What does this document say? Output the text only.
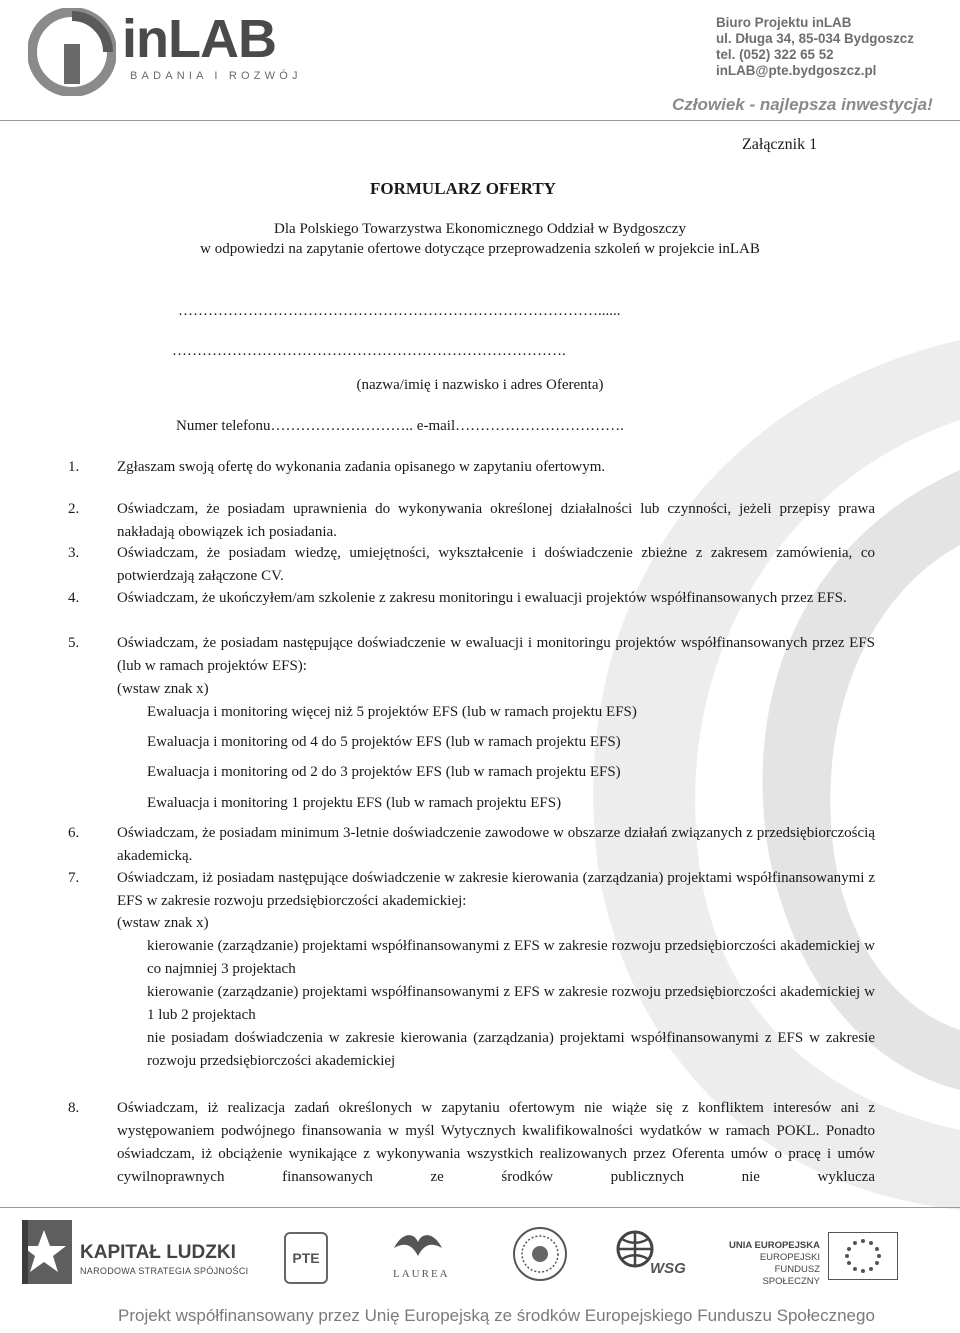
inLAB
BADANIA I ROZWÓJ
Biuro Projektu inLAB
ul. Długa 34, 85-034 Bydgoszcz
tel. (052) 322 65 52
inLAB@pte.bydgoszcz.pl
Człowiek - najlepsza inwestycja!
Załącznik 1
FORMULARZ OFERTY
Dla Polskiego Towarzystwa Ekonomicznego Oddział w Bydgoszczy
w odpowiedzi na zapytanie ofertowe dotyczące przeprowadzenia szkoleń w projekcie inLAB
…………………………………………………………………………......
…………………………………………………………………….
(nazwa/imię i nazwisko i adres Oferenta)
Numer telefonu……………………….. e-mail…………………………….
1.	Zgłaszam swoją ofertę do wykonania zadania opisanego w zapytaniu ofertowym.
2.	Oświadczam, że posiadam uprawnienia do wykonywania określonej działalności lub czynności, jeżeli przepisy prawa nakładają obowiązek ich posiadania.
3.	Oświadczam, że posiadam wiedzę, umiejętności, wykształcenie i doświadczenie zbieżne z zakresem zamówienia, co potwierdzają załączone CV.
4.	Oświadczam, że ukończyłem/am szkolenie z zakresu monitoringu i ewaluacji projektów współfinansowanych przez EFS.
5.	Oświadczam, że posiadam następujące doświadczenie w ewaluacji i monitoringu projektów współfinansowanych przez EFS (lub w ramach projektów EFS):
(wstaw znak x)
Ewaluacja i monitoring więcej niż 5 projektów EFS (lub w ramach projektu EFS)
Ewaluacja i monitoring od 4 do 5 projektów EFS (lub w ramach projektu EFS)
Ewaluacja i monitoring od 2 do 3 projektów EFS (lub w ramach projektu EFS)
Ewaluacja i monitoring 1 projektu EFS (lub w ramach projektu EFS)
6.	Oświadczam, że posiadam minimum 3-letnie doświadczenie zawodowe w obszarze działań związanych z przedsiębiorczością akademicką.
7.	Oświadczam, iż posiadam następujące doświadczenie w zakresie kierowania (zarządzania) projektami współfinansowanymi z EFS w zakresie rozwoju przedsiębiorczości akademickiej:
(wstaw znak x)
kierowanie (zarządzanie) projektami współfinansowanymi z EFS w zakresie rozwoju przedsiębiorczości akademickiej w co najmniej 3 projektach
kierowanie (zarządzanie) projektami współfinansowanymi z EFS w zakresie rozwoju przedsiębiorczości akademickiej w 1 lub 2 projektach
nie posiadam doświadczenia w zakresie kierowania (zarządzania) projektami współfinansowanymi z EFS w zakresie rozwoju przedsiębiorczości akademickiej
8.	Oświadczam, iż realizacja zadań określonych w zapytaniu ofertowym nie wiąże się z konfliktem interesów ani z występowaniem podwójnego finansowania w myśl Wytycznych kwalifikowalności wydatków w ramach POKL. Ponadto oświadczam, iż obciążenie wynikające z wykonywania wszystkich realizowanych przez Oferenta umów o pracę i umów cywilnoprawnych finansowanych ze środków publicznych nie wyklucza
KAPITAŁ LUDZKI
NARODOWA STRATEGIA SPÓJNOŚCI
PTE
LAUREA	WSG
UNIA EUROPEJSKA
EUROPEJSKI
FUNDUSZ SPOŁECZNY
Projekt współfinansowany przez Unię Europejską ze środków Europejskiego Funduszu Społecznego
